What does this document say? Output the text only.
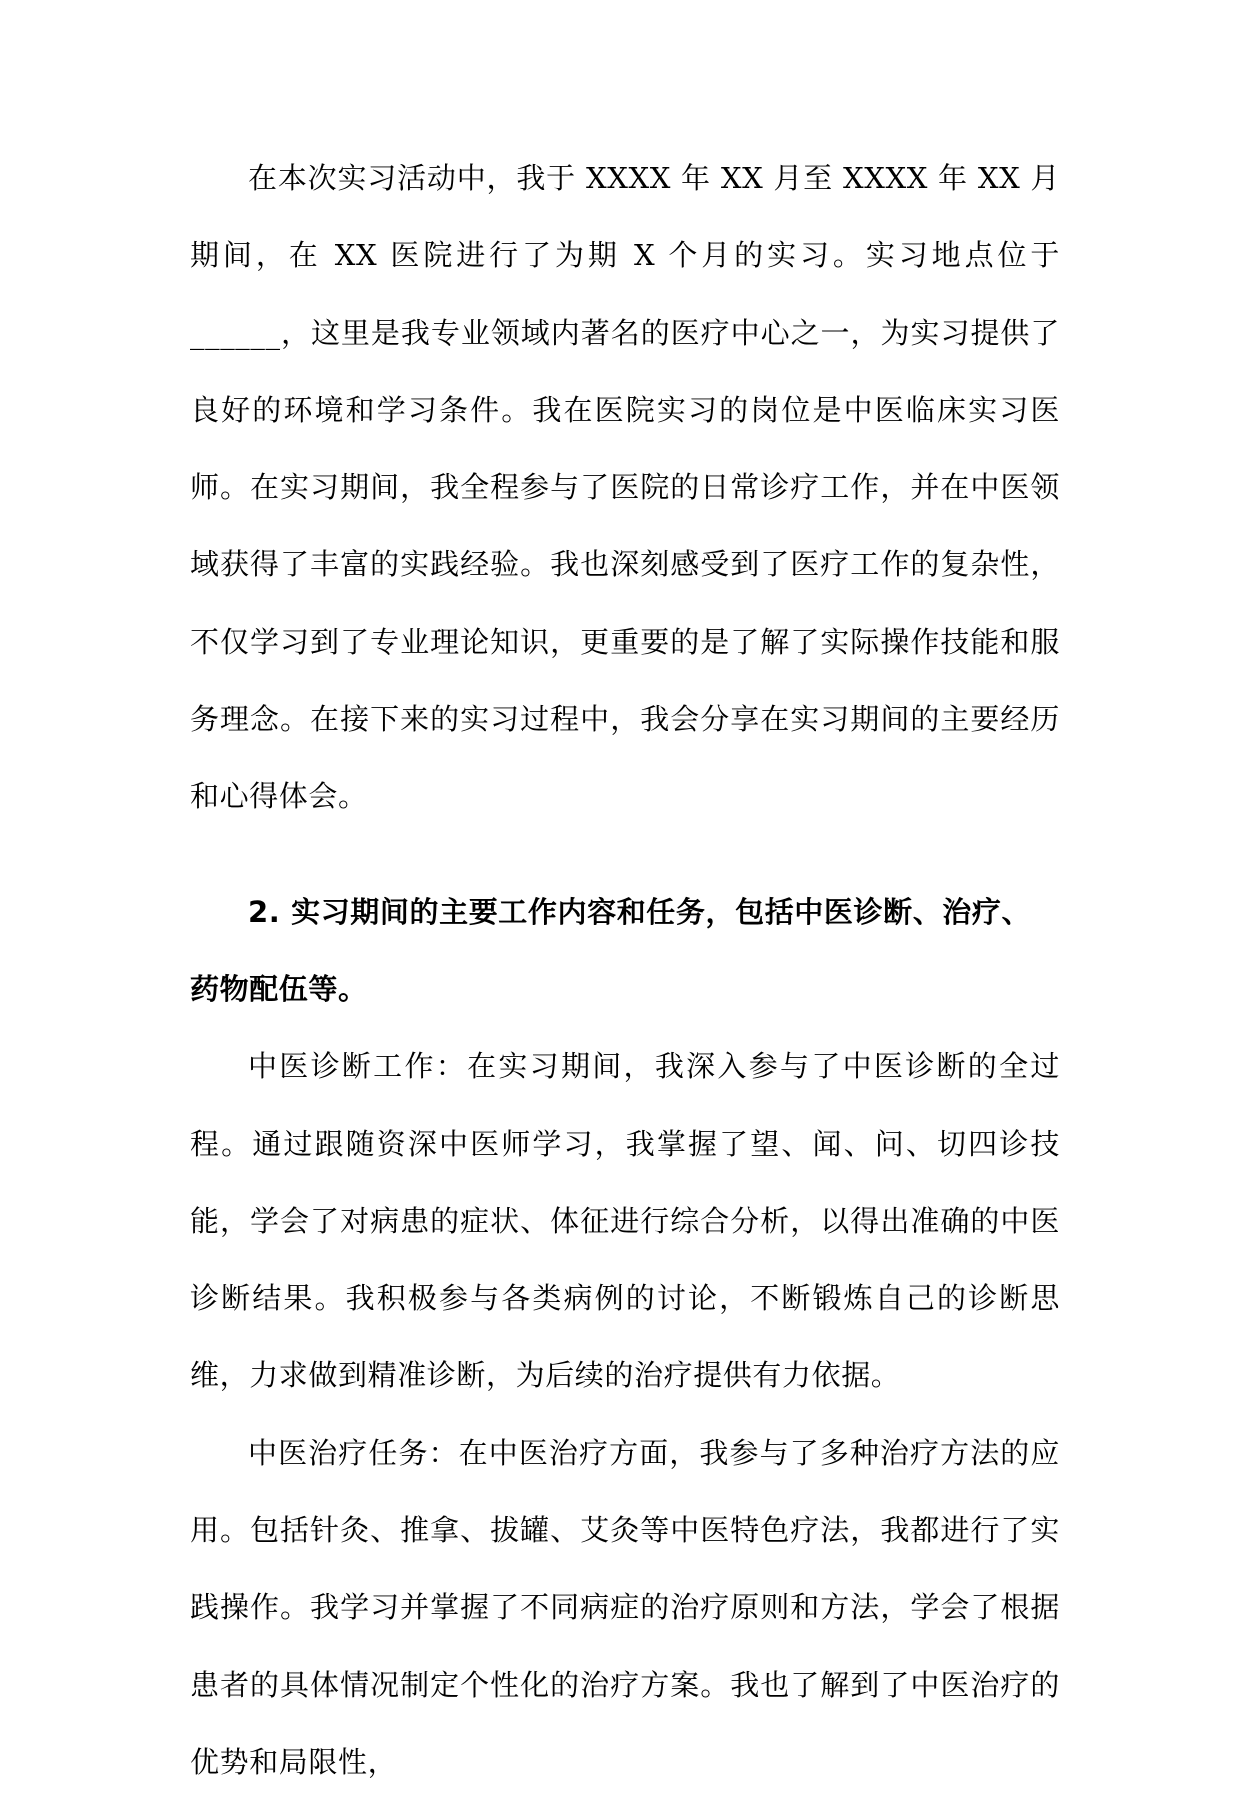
在本次实习活动中，我于 XXXX 年 XX 月至 XXXX 年 XX 月期间，在 XX 医院进行了为期 X 个月的实习。实习地点位于______，这里是我专业领域内著名的医疗中心之一，为实习提供了良好的环境和学习条件。我在医院实习的岗位是中医临床实习医师。在实习期间，我全程参与了医院的日常诊疗工作，并在中医领域获得了丰富的实践经验。我也深刻感受到了医疗工作的复杂性，不仅学习到了专业理论知识，更重要的是了解了实际操作技能和服务理念。在接下来的实习过程中，我会分享在实习期间的主要经历和心得体会。

2. 实习期间的主要工作内容和任务，包括中医诊断、治疗、药物配伍等。

中医诊断工作：在实习期间，我深入参与了中医诊断的全过程。通过跟随资深中医师学习，我掌握了望、闻、问、切四诊技能，学会了对病患的症状、体征进行综合分析，以得出准确的中医诊断结果。我积极参与各类病例的讨论，不断锻炼自己的诊断思维，力求做到精准诊断，为后续的治疗提供有力依据。

中医治疗任务：在中医治疗方面，我参与了多种治疗方法的应用。包括针灸、推拿、拔罐、艾灸等中医特色疗法，我都进行了实践操作。我学习并掌握了不同病症的治疗原则和方法，学会了根据患者的具体情况制定个性化的治疗方案。我也了解到了中医治疗的优势和局限性，
